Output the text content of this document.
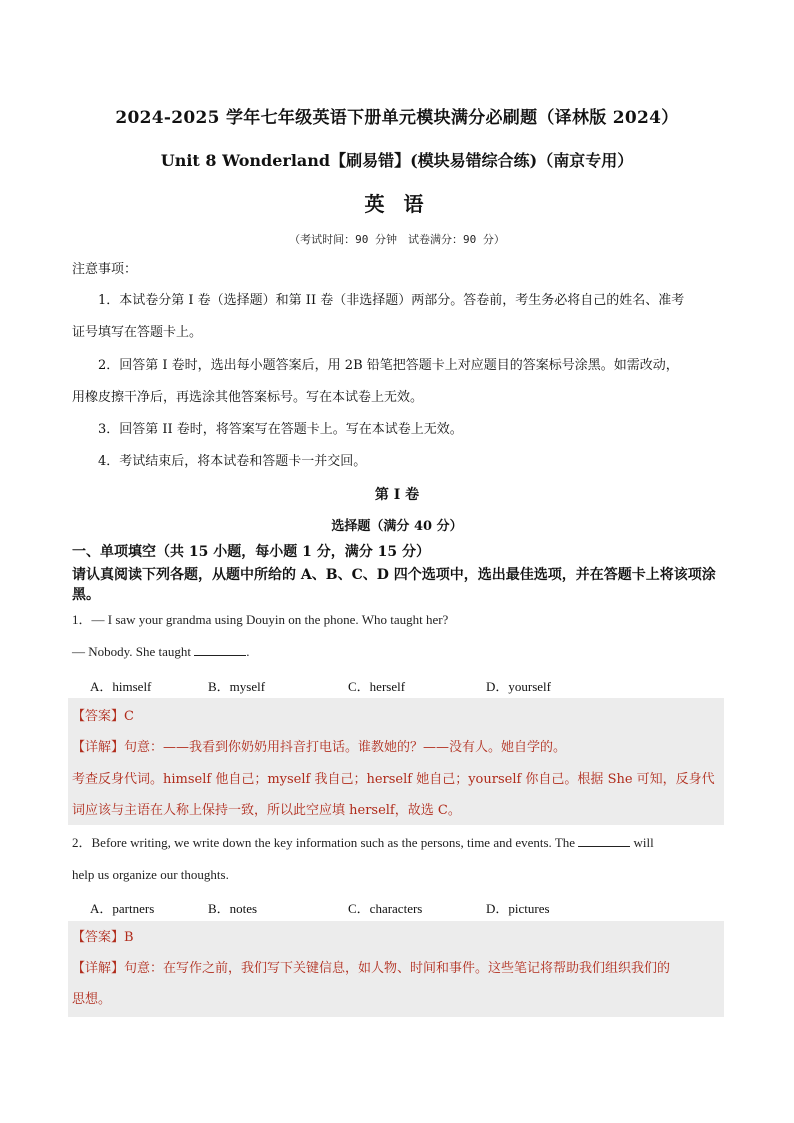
2024-2025 学年七年级英语下册单元模块满分必刷题（译林版 2024）
Unit 8 Wonderland【刷易错】(模块易错综合练)（南京专用）
英 语
（考试时间：90 分钟　试卷满分：90 分）
注意事项：
1．本试卷分第 I 卷（选择题）和第 II 卷（非选择题）两部分。答卷前，考生务必将自己的姓名、准考
证号填写在答题卡上。
2．回答第 I 卷时，选出每小题答案后，用 2B 铅笔把答题卡上对应题目的答案标号涂黑。如需改动，
用橡皮擦干净后，再选涂其他答案标号。写在本试卷上无效。
3．回答第 II 卷时，将答案写在答题卡上。写在本试卷上无效。
4．考试结束后，将本试卷和答题卡一并交回。
第 I 卷
选择题（满分 40 分）
一、单项填空（共 15 小题，每小题 1 分，满分 15 分）
请认真阅读下列各题，从题中所给的 A、B、C、D 四个选项中，选出最佳选项，并在答题卡上将该项涂黑。
1．— I saw your grandma using Douyin on the phone. Who taught her?
— Nobody. She taught	.
A．himself	B．myself	C．herself	D．yourself
【答案】C
【详解】句意：——我看到你奶奶用抖音打电话。谁教她的？——没有人。她自学的。
考查反身代词。himself 他自己；myself 我自己；herself 她自己；yourself 你自己。根据 She 可知，反身代
词应该与主语在人称上保持一致，所以此空应填 herself，故选 C。
2．Before writing, we write down the key information such as the persons, time and events. The	will
help us organize our thoughts.
A．partners	B．notes	C．characters	D．pictures
【答案】B
【详解】句意：在写作之前，我们写下关键信息，如人物、时间和事件。这些笔记将帮助我们组织我们的
思想。
